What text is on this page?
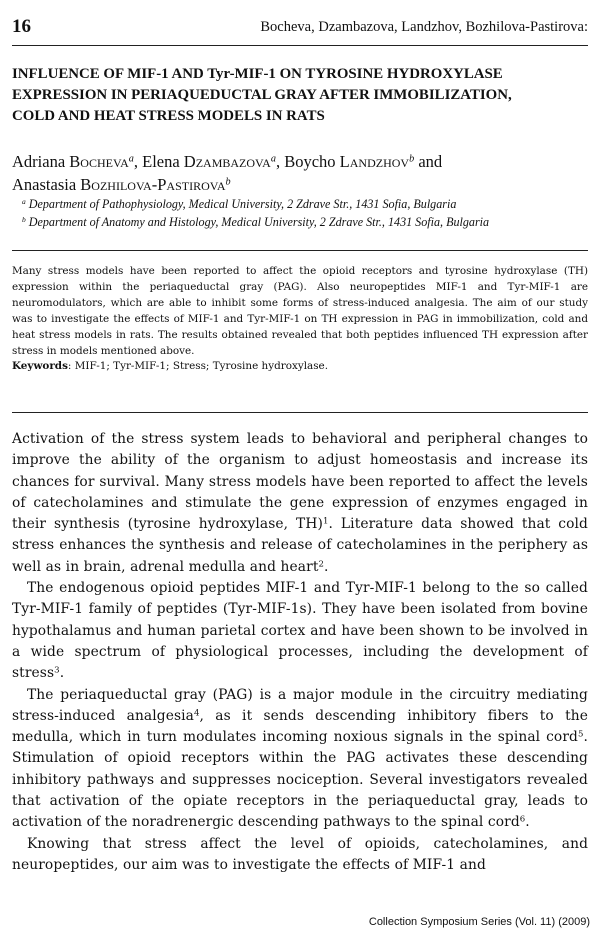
16	Bocheva, Dzambazova, Landzhov, Bozhilova-Pastirova:
INFLUENCE OF MIF-1 AND Tyr-MIF-1 ON TYROSINE HYDROXYLASE
EXPRESSION IN PERIAQUEDUCTAL GRAY AFTER IMMOBILIZATION,
COLD AND HEAT STRESS MODELS IN RATS
Adriana Bocheva$^a$, Elena Dzambazova$^a$, Boycho Landzhov$^b$ and
Anastasia Bozhilova-Pastirova$^b$
$^a$ Department of Pathophysiology, Medical University, 2 Zdrave Str., 1431 Sofia, Bulgaria
$^b$ Department of Anatomy and Histology, Medical University, 2 Zdrave Str., 1431 Sofia, Bulgaria

Many stress models have been reported to affect the opioid receptors and tyrosine hydroxylase (TH) expression within the periaqueductal gray (PAG). Also neuropeptides MIF-1 and Tyr-MIF-1 are neuromodulators, which are able to inhibit some forms of stress-induced analgesia. The aim of our study was to investigate the effects of MIF-1 and Tyr-MIF-1 on TH expression in PAG in immobilization, cold and heat stress models in rats. The results obtained revealed that both peptides influenced TH expression after stress in models mentioned above.

Keywords: MIF-1; Tyr-MIF-1; Stress; Tyrosine hydroxylase.

Activation of the stress system leads to behavioral and peripheral changes to improve the ability of the organism to adjust homeostasis and increase its chances for survival. Many stress models have been reported to affect the levels of catecholamines and stimulate the gene expression of enzymes engaged in their synthesis (tyrosine hydroxylase, TH)$^1$. Literature data showed that cold stress enhances the synthesis and release of catecholamines in the periphery as well as in brain, adrenal medulla and heart$^2$.

The endogenous opioid peptides MIF-1 and Tyr-MIF-1 belong to the so called Tyr-MIF-1 family of peptides (Tyr-MIF-1s). They have been isolated from bovine hypothalamus and human parietal cortex and have been shown to be involved in a wide spectrum of physiological processes, including the development of stress$^3$.

The periaqueductal gray (PAG) is a major module in the circuitry mediating stress-induced analgesia$^4$, as it sends descending inhibitory fibers to the medulla, which in turn modulates incoming noxious signals in the spinal cord$^5$. Stimulation of opioid receptors within the PAG activates these descending inhibitory pathways and suppresses nociception. Several investigators revealed that activation of the opiate receptors in the periaqueductal gray, leads to activation of the noradrenergic descending pathways to the spinal cord$^6$.

Knowing that stress affect the level of opioids, catecholamines, and neuropeptides, our aim was to investigate the effects of MIF-1 and

Collection Symposium Series (Vol. 11) (2009)
